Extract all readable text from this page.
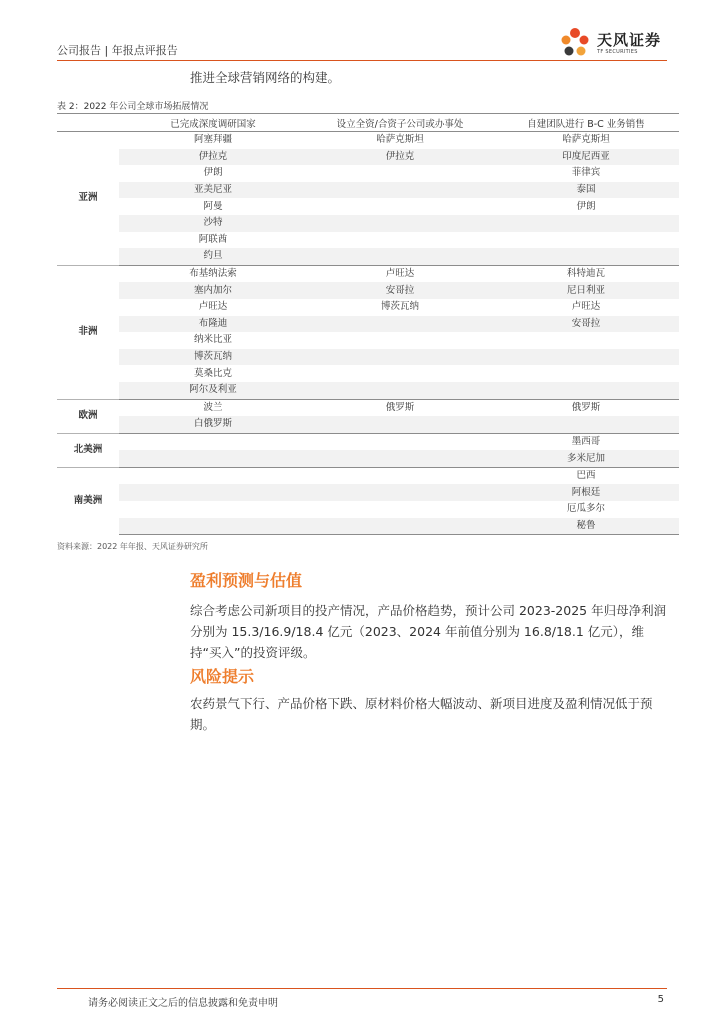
公司报告 | 年报点评报告
天风证券
TF SECURITIES
推进全球营销网络的构建。
表 2：2022 年公司全球市场拓展情况
	已完成深度调研国家	设立全资/合资子公司或办事处	自建团队进行 B-C 业务销售
亚洲	阿塞拜疆	哈萨克斯坦	哈萨克斯坦
	伊拉克	伊拉克	印度尼西亚
	伊朗		菲律宾
	亚美尼亚		泰国
	阿曼		伊朗
	沙特		
	阿联酋		
	约旦		
非洲	布基纳法索	卢旺达	科特迪瓦
	塞内加尔	安哥拉	尼日利亚
	卢旺达	博茨瓦纳	卢旺达
	布隆迪		安哥拉
	纳米比亚		
	博茨瓦纳		
	莫桑比克		
	阿尔及利亚		
欧洲	波兰	俄罗斯	俄罗斯
	白俄罗斯		
北美洲			墨西哥
			多米尼加
南美洲			巴西
			阿根廷
			厄瓜多尔
			秘鲁
资料来源：2022 年年报、天风证券研究所
盈利预测与估值
综合考虑公司新项目的投产情况，产品价格趋势，预计公司 2023-2025 年归母净利润分别为 15.3/16.9/18.4 亿元（2023、2024 年前值分别为 16.8/18.1 亿元），维持“买入”的投资评级。
风险提示
农药景气下行、产品价格下跌、原材料价格大幅波动、新项目进度及盈利情况低于预期。
请务必阅读正文之后的信息披露和免责申明	5
